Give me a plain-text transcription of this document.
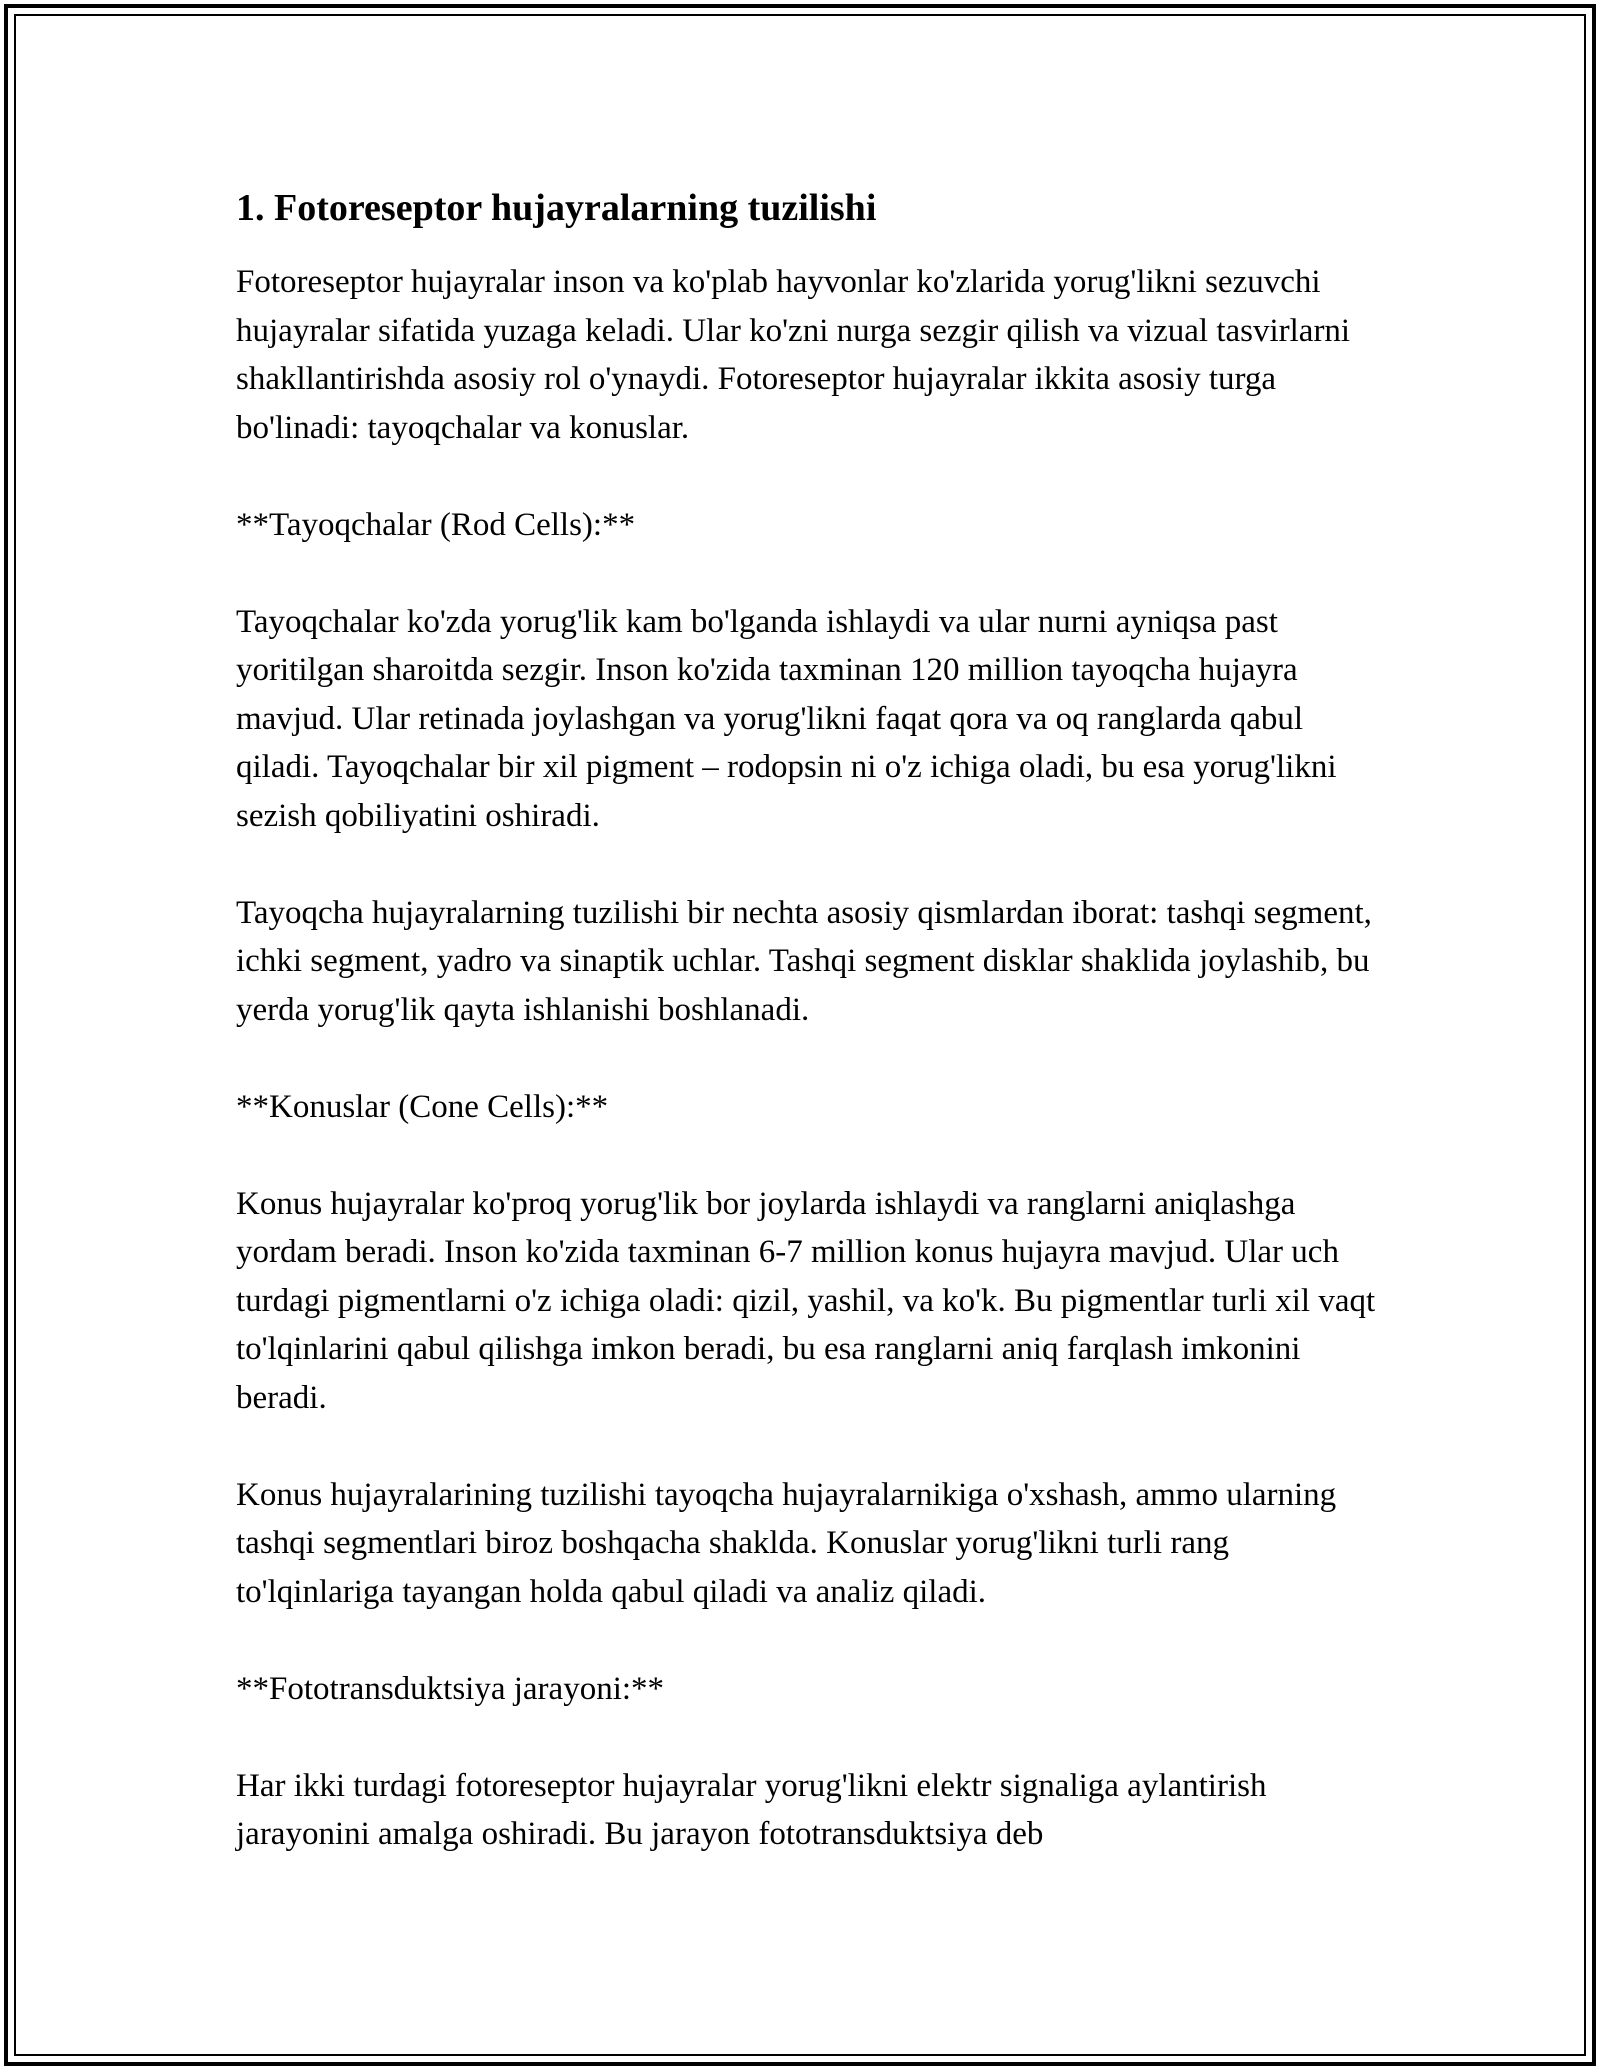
1. Fotoreseptor hujayralarning tuzilishi

Fotoreseptor hujayralar inson va ko'plab hayvonlar ko'zlarida yorug'likni sezuvchi hujayralar sifatida yuzaga keladi. Ular ko'zni nurga sezgir qilish va vizual tasvirlarni shakllantirishda asosiy rol o'ynaydi. Fotoreseptor hujayralar ikkita asosiy turga bo'linadi: tayoqchalar va konuslar.

**Tayoqchalar (Rod Cells):**

Tayoqchalar ko'zda yorug'lik kam bo'lganda ishlaydi va ular nurni ayniqsa past yoritilgan sharoitda sezgir. Inson ko'zida taxminan 120 million tayoqcha hujayra mavjud. Ular retinada joylashgan va yorug'likni faqat qora va oq ranglarda qabul qiladi. Tayoqchalar bir xil pigment – rodopsin ni o'z ichiga oladi, bu esa yorug'likni sezish qobiliyatini oshiradi.

Tayoqcha hujayralarning tuzilishi bir nechta asosiy qismlardan iborat: tashqi segment, ichki segment, yadro va sinaptik uchlar. Tashqi segment disklar shaklida joylashib, bu yerda yorug'lik qayta ishlanishi boshlanadi.

**Konuslar (Cone Cells):**

Konus hujayralar ko'proq yorug'lik bor joylarda ishlaydi va ranglarni aniqlashga yordam beradi. Inson ko'zida taxminan 6-7 million konus hujayra mavjud. Ular uch turdagi pigmentlarni o'z ichiga oladi: qizil, yashil, va ko'k. Bu pigmentlar turli xil vaqt to'lqinlarini qabul qilishga imkon beradi, bu esa ranglarni aniq farqlash imkonini beradi.

Konus hujayralarining tuzilishi tayoqcha hujayralarnikiga o'xshash, ammo ularning tashqi segmentlari biroz boshqacha shaklda. Konuslar yorug'likni turli rang to'lqinlariga tayangan holda qabul qiladi va analiz qiladi.

**Fototransduktsiya jarayoni:**

Har ikki turdagi fotoreseptor hujayralar yorug'likni elektr signaliga aylantirish jarayonini amalga oshiradi. Bu jarayon fototransduktsiya deb
